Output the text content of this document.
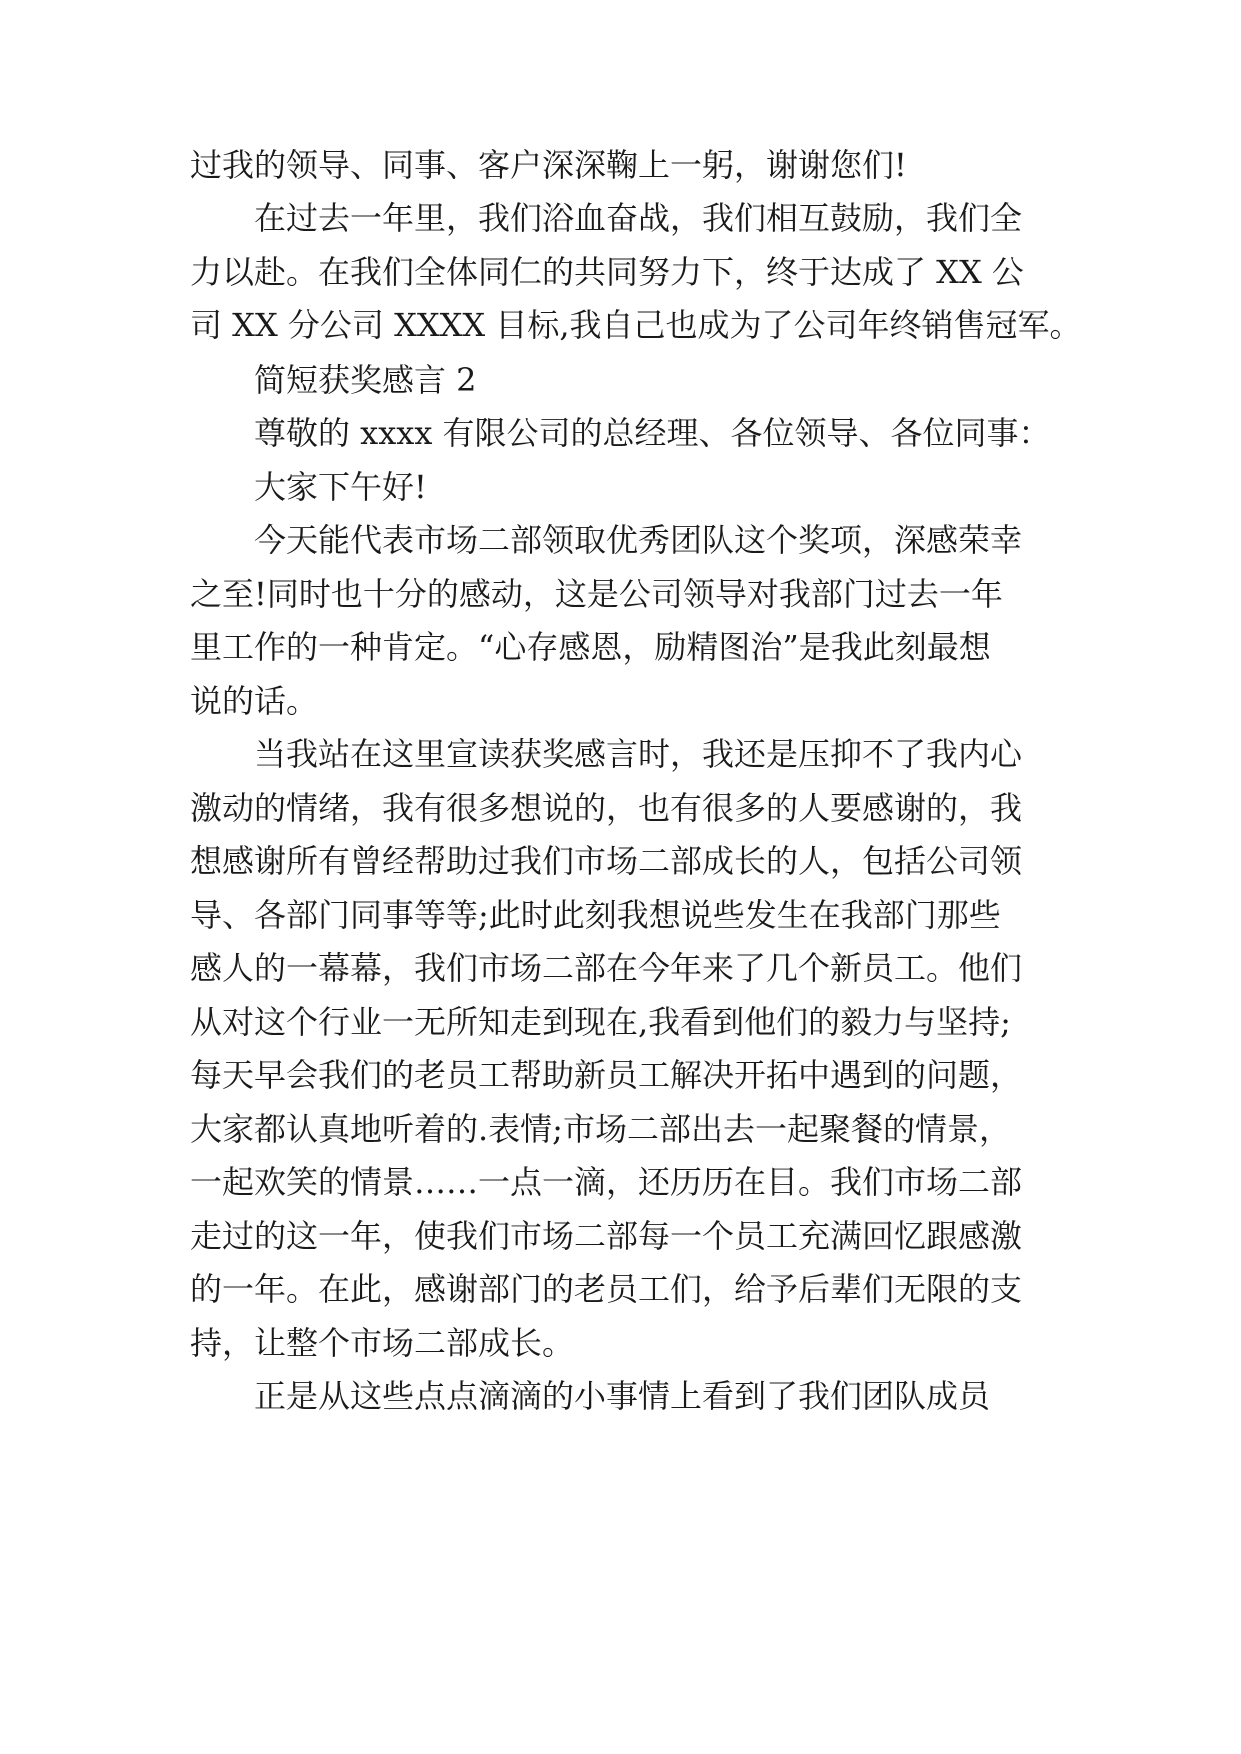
过我的领导、同事、客户深深鞠上一躬，谢谢您们!
在过去一年里，我们浴血奋战，我们相互鼓励，我们全
力以赴。在我们全体同仁的共同努力下，终于达成了 XX 公
司 XX 分公司 XXXX 目标,我自己也成为了公司年终销售冠军。
简短获奖感言 2
尊敬的 xxxx 有限公司的总经理、各位领导、各位同事：
大家下午好!
今天能代表市场二部领取优秀团队这个奖项，深感荣幸
之至!同时也十分的感动，这是公司领导对我部门过去一年
里工作的一种肯定。“心存感恩，励精图治”是我此刻最想
说的话。
当我站在这里宣读获奖感言时，我还是压抑不了我内心
激动的情绪，我有很多想说的，也有很多的人要感谢的，我
想感谢所有曾经帮助过我们市场二部成长的人，包括公司领
导、各部门同事等等;此时此刻我想说些发生在我部门那些
感人的一幕幕，我们市场二部在今年来了几个新员工。他们
从对这个行业一无所知走到现在,我看到他们的毅力与坚持;
每天早会我们的老员工帮助新员工解决开拓中遇到的问题，
大家都认真地听着的.表情;市场二部出去一起聚餐的情景，
一起欢笑的情景……一点一滴，还历历在目。我们市场二部
走过的这一年，使我们市场二部每一个员工充满回忆跟感激
的一年。在此，感谢部门的老员工们，给予后辈们无限的支
持，让整个市场二部成长。
正是从这些点点滴滴的小事情上看到了我们团队成员
